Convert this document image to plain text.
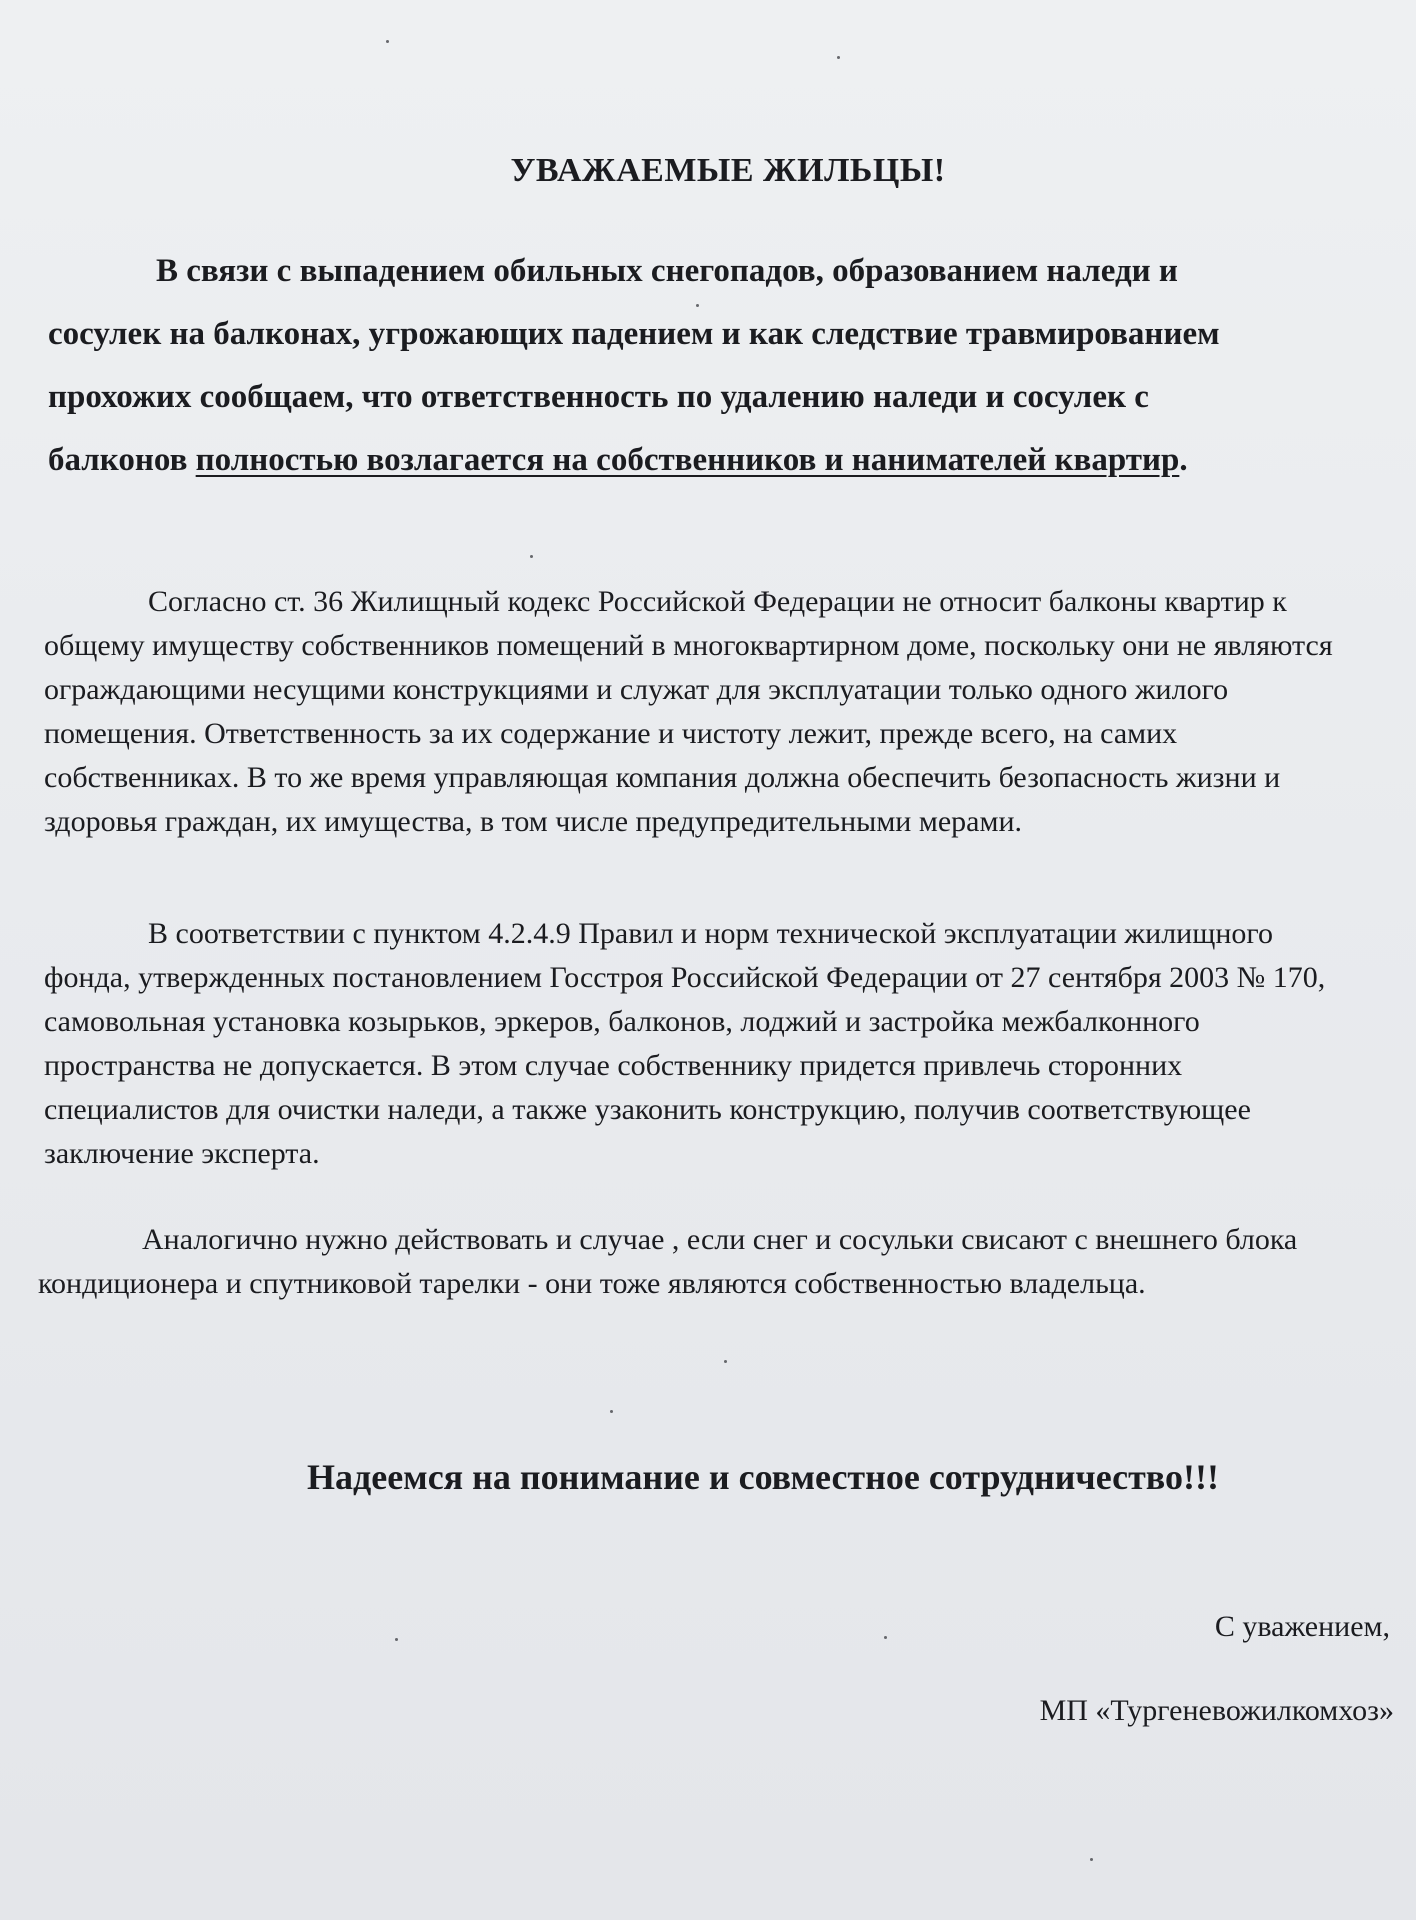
УВАЖАЕМЫЕ ЖИЛЬЦЫ!

В связи с выпадением обильных снегопадов, образованием наледи и сосулек на балконах, угрожающих падением и как следствие травмированием прохожих сообщаем, что ответственность по удалению наледи и сосулек с балконов полностью возлагается на собственников и нанимателей квартир.

Согласно ст. 36 Жилищный кодекс Российской Федерации не относит балконы квартир к общему имуществу собственников помещений в многоквартирном доме, поскольку они не являются ограждающими несущими конструкциями и служат для эксплуатации только одного жилого помещения. Ответственность за их содержание и чистоту лежит, прежде всего, на самих собственниках. В то же время управляющая компания должна обеспечить безопасность жизни и здоровья граждан, их имущества, в том числе предупредительными мерами.

В соответствии с пунктом 4.2.4.9 Правил и норм технической эксплуатации жилищного фонда, утвержденных постановлением Госстроя Российской Федерации от 27 сентября 2003 № 170, самовольная установка козырьков, эркеров, балконов, лоджий и застройка межбалконного пространства не допускается. В этом случае собственнику придется привлечь сторонних специалистов для очистки наледи, а также узаконить конструкцию, получив соответствующее заключение эксперта.

Аналогично нужно действовать и случае , если снег и сосульки свисают с внешнего блока кондиционера и спутниковой тарелки - они тоже являются собственностью владельца.

Надеемся на понимание и совместное сотрудничество!!!

С уважением,

МП «Тургеневожилкомхоз»
